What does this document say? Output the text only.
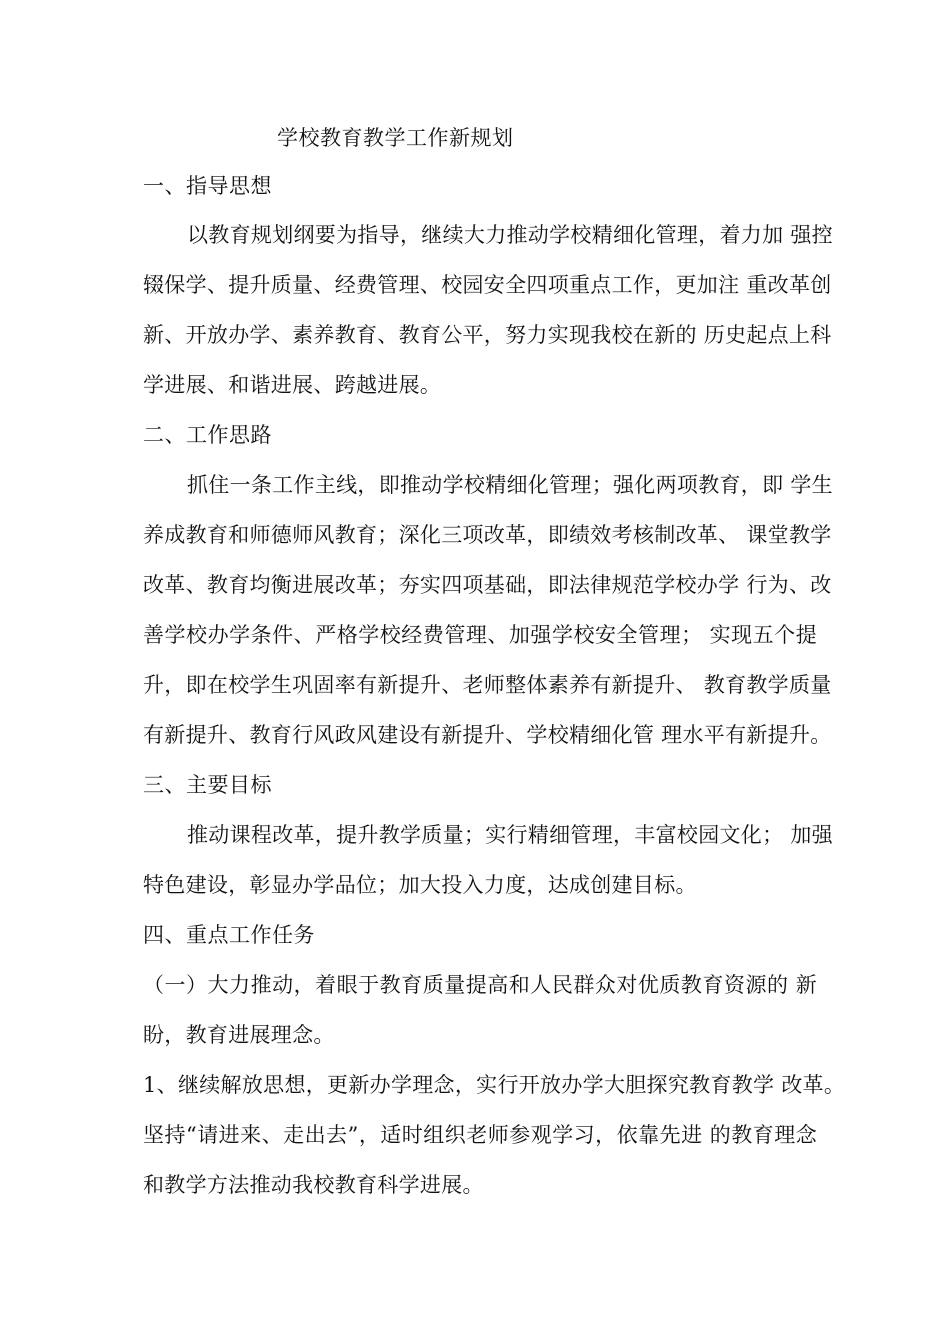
学校教育教学工作新规划
一、指导思想
以教育规划纲要为指导，继续大力推动学校精细化管理，着力加 强控
辍保学、提升质量、经费管理、校园安全四项重点工作，更加注 重改革创
新、开放办学、素养教育、教育公平，努力实现我校在新的 历史起点上科
学进展、和谐进展、跨越进展。
二、工作思路
抓住一条工作主线，即推动学校精细化管理；强化两项教育，即 学生
养成教育和师德师风教育；深化三项改革，即绩效考核制改革、 课堂教学
改革、教育均衡进展改革；夯实四项基础，即法律规范学校办学 行为、改
善学校办学条件、严格学校经费管理、加强学校安全管理； 实现五个提
升，即在校学生巩固率有新提升、老师整体素养有新提升、 教育教学质量
有新提升、教育行风政风建设有新提升、学校精细化管 理水平有新提升。
三、主要目标
推动课程改革，提升教学质量；实行精细管理，丰富校园文化； 加强
特色建设，彰显办学品位；加大投入力度，达成创建目标。
四、重点工作任务
（一）大力推动，着眼于教育质量提高和人民群众对优质教育资源的 新
盼，教育进展理念。
1、继续解放思想，更新办学理念，实行开放办学大胆探究教育教学 改革。
坚持“请进来、走出去”，适时组织老师参观学习，依靠先进 的教育理念
和教学方法推动我校教育科学进展。
